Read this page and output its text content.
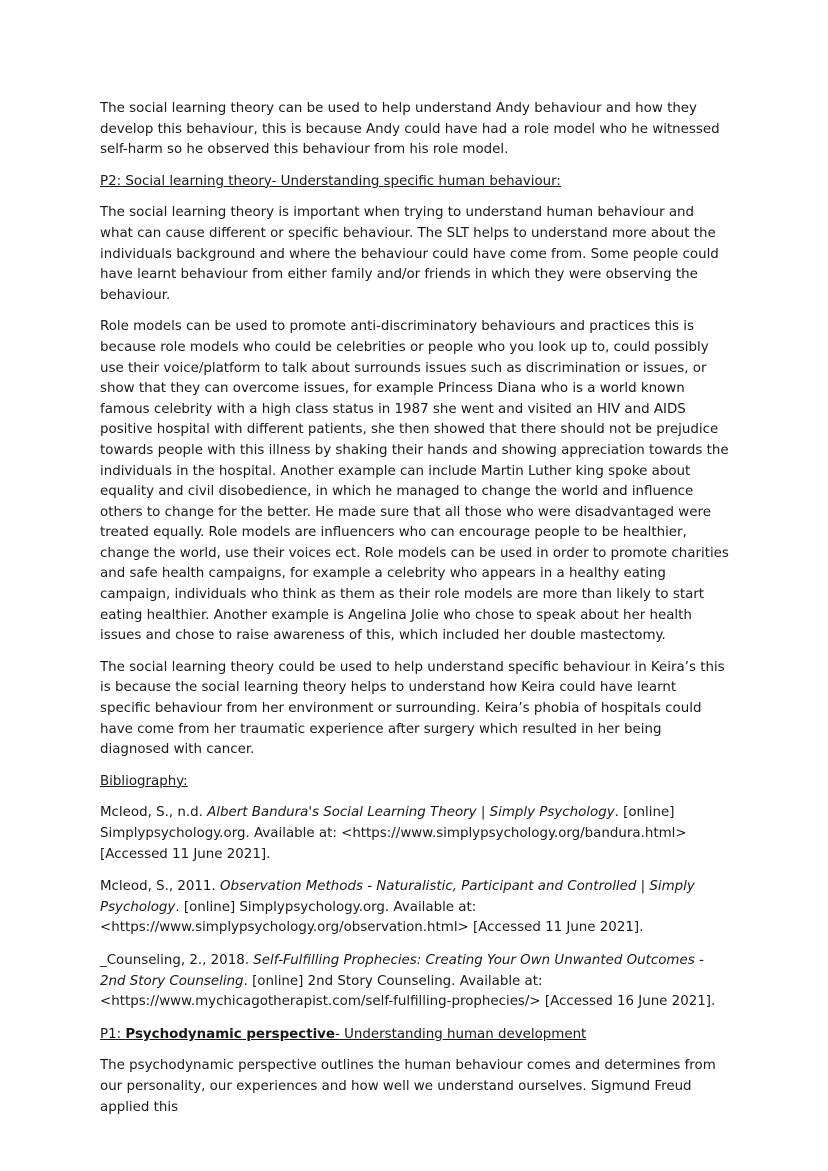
The social learning theory can be used to help understand Andy behaviour and how they develop this behaviour, this is because Andy could have had a role model who he witnessed self-harm so he observed this behaviour from his role model.

P2: Social learning theory- Understanding specific human behaviour:

The social learning theory is important when trying to understand human behaviour and what can cause different or specific behaviour. The SLT helps to understand more about the individuals background and where the behaviour could have come from. Some people could have learnt behaviour from either family and/or friends in which they were observing the behaviour.

Role models can be used to promote anti-discriminatory behaviours and practices this is because role models who could be celebrities or people who you look up to, could possibly use their voice/platform to talk about surrounds issues such as discrimination or issues, or show that they can overcome issues, for example Princess Diana who is a world known famous celebrity with a high class status in 1987 she went and visited an HIV and AIDS positive hospital with different patients, she then showed that there should not be prejudice towards people with this illness by shaking their hands and showing appreciation towards the individuals in the hospital. Another example can include Martin Luther king spoke about equality and civil disobedience, in which he managed to change the world and influence others to change for the better. He made sure that all those who were disadvantaged were treated equally. Role models are influencers who can encourage people to be healthier, change the world, use their voices ect. Role models can be used in order to promote charities and safe health campaigns, for example a celebrity who appears in a healthy eating campaign, individuals who think as them as their role models are more than likely to start eating healthier. Another example is Angelina Jolie who chose to speak about her health issues and chose to raise awareness of this, which included her double mastectomy.

The social learning theory could be used to help understand specific behaviour in Keira’s this is because the social learning theory helps to understand how Keira could have learnt specific behaviour from her environment or surrounding. Keira’s phobia of hospitals could have come from her traumatic experience after surgery which resulted in her being diagnosed with cancer.

Bibliography:

Mcleod, S., n.d. Albert Bandura's Social Learning Theory | Simply Psychology. [online] Simplypsychology.org. Available at: <https://www.simplypsychology.org/bandura.html> [Accessed 11 June 2021].

Mcleod, S., 2011. Observation Methods - Naturalistic, Participant and Controlled | Simply Psychology. [online] Simplypsychology.org. Available at: <https://www.simplypsychology.org/observation.html> [Accessed 11 June 2021].

_Counseling, 2., 2018. Self-Fulfilling Prophecies: Creating Your Own Unwanted Outcomes - 2nd Story Counseling. [online] 2nd Story Counseling. Available at: <https://www.mychicagotherapist.com/self-fulfilling-prophecies/> [Accessed 16 June 2021].

P1: Psychodynamic perspective- Understanding human development

The psychodynamic perspective outlines the human behaviour comes and determines from our personality, our experiences and how well we understand ourselves. Sigmund Freud applied this
